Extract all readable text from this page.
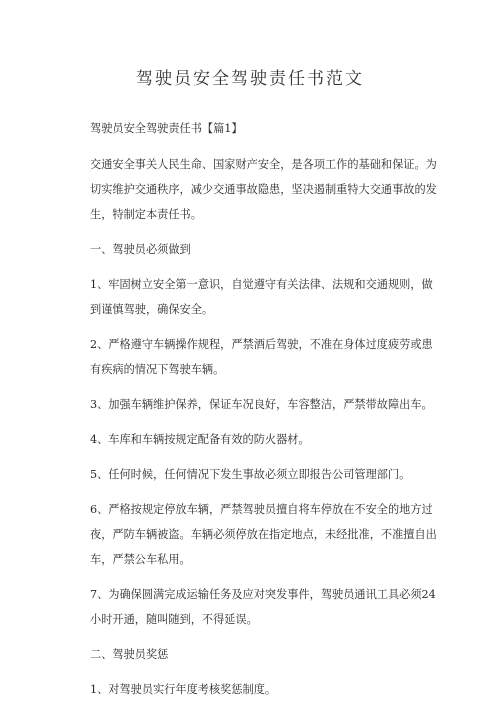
驾驶员安全驾驶责任书范文

驾驶员安全驾驶责任书【篇1】

交通安全事关人民生命、国家财产安全，是各项工作的基础和保证。为切实维护交通秩序，减少交通事故隐患，坚决遏制重特大交通事故的发生，特制定本责任书。

一、驾驶员必须做到

1、牢固树立安全第一意识，自觉遵守有关法律、法规和交通规则，做到谨慎驾驶，确保安全。

2、严格遵守车辆操作规程，严禁酒后驾驶，不准在身体过度疲劳或患有疾病的情况下驾驶车辆。

3、加强车辆维护保养，保证车况良好，车容整洁，严禁带故障出车。

4、车库和车辆按规定配备有效的防火器材。

5、任何时候，任何情况下发生事故必须立即报告公司管理部门。

6、严格按规定停放车辆，严禁驾驶员擅自将车停放在不安全的地方过夜，严防车辆被盗。车辆必须停放在指定地点，未经批准，不准擅自出车，严禁公车私用。

7、为确保圆满完成运输任务及应对突发事件，驾驶员通讯工具必须24小时开通，随叫随到，不得延误。

二、驾驶员奖惩

1、对驾驶员实行年度考核奖惩制度。
